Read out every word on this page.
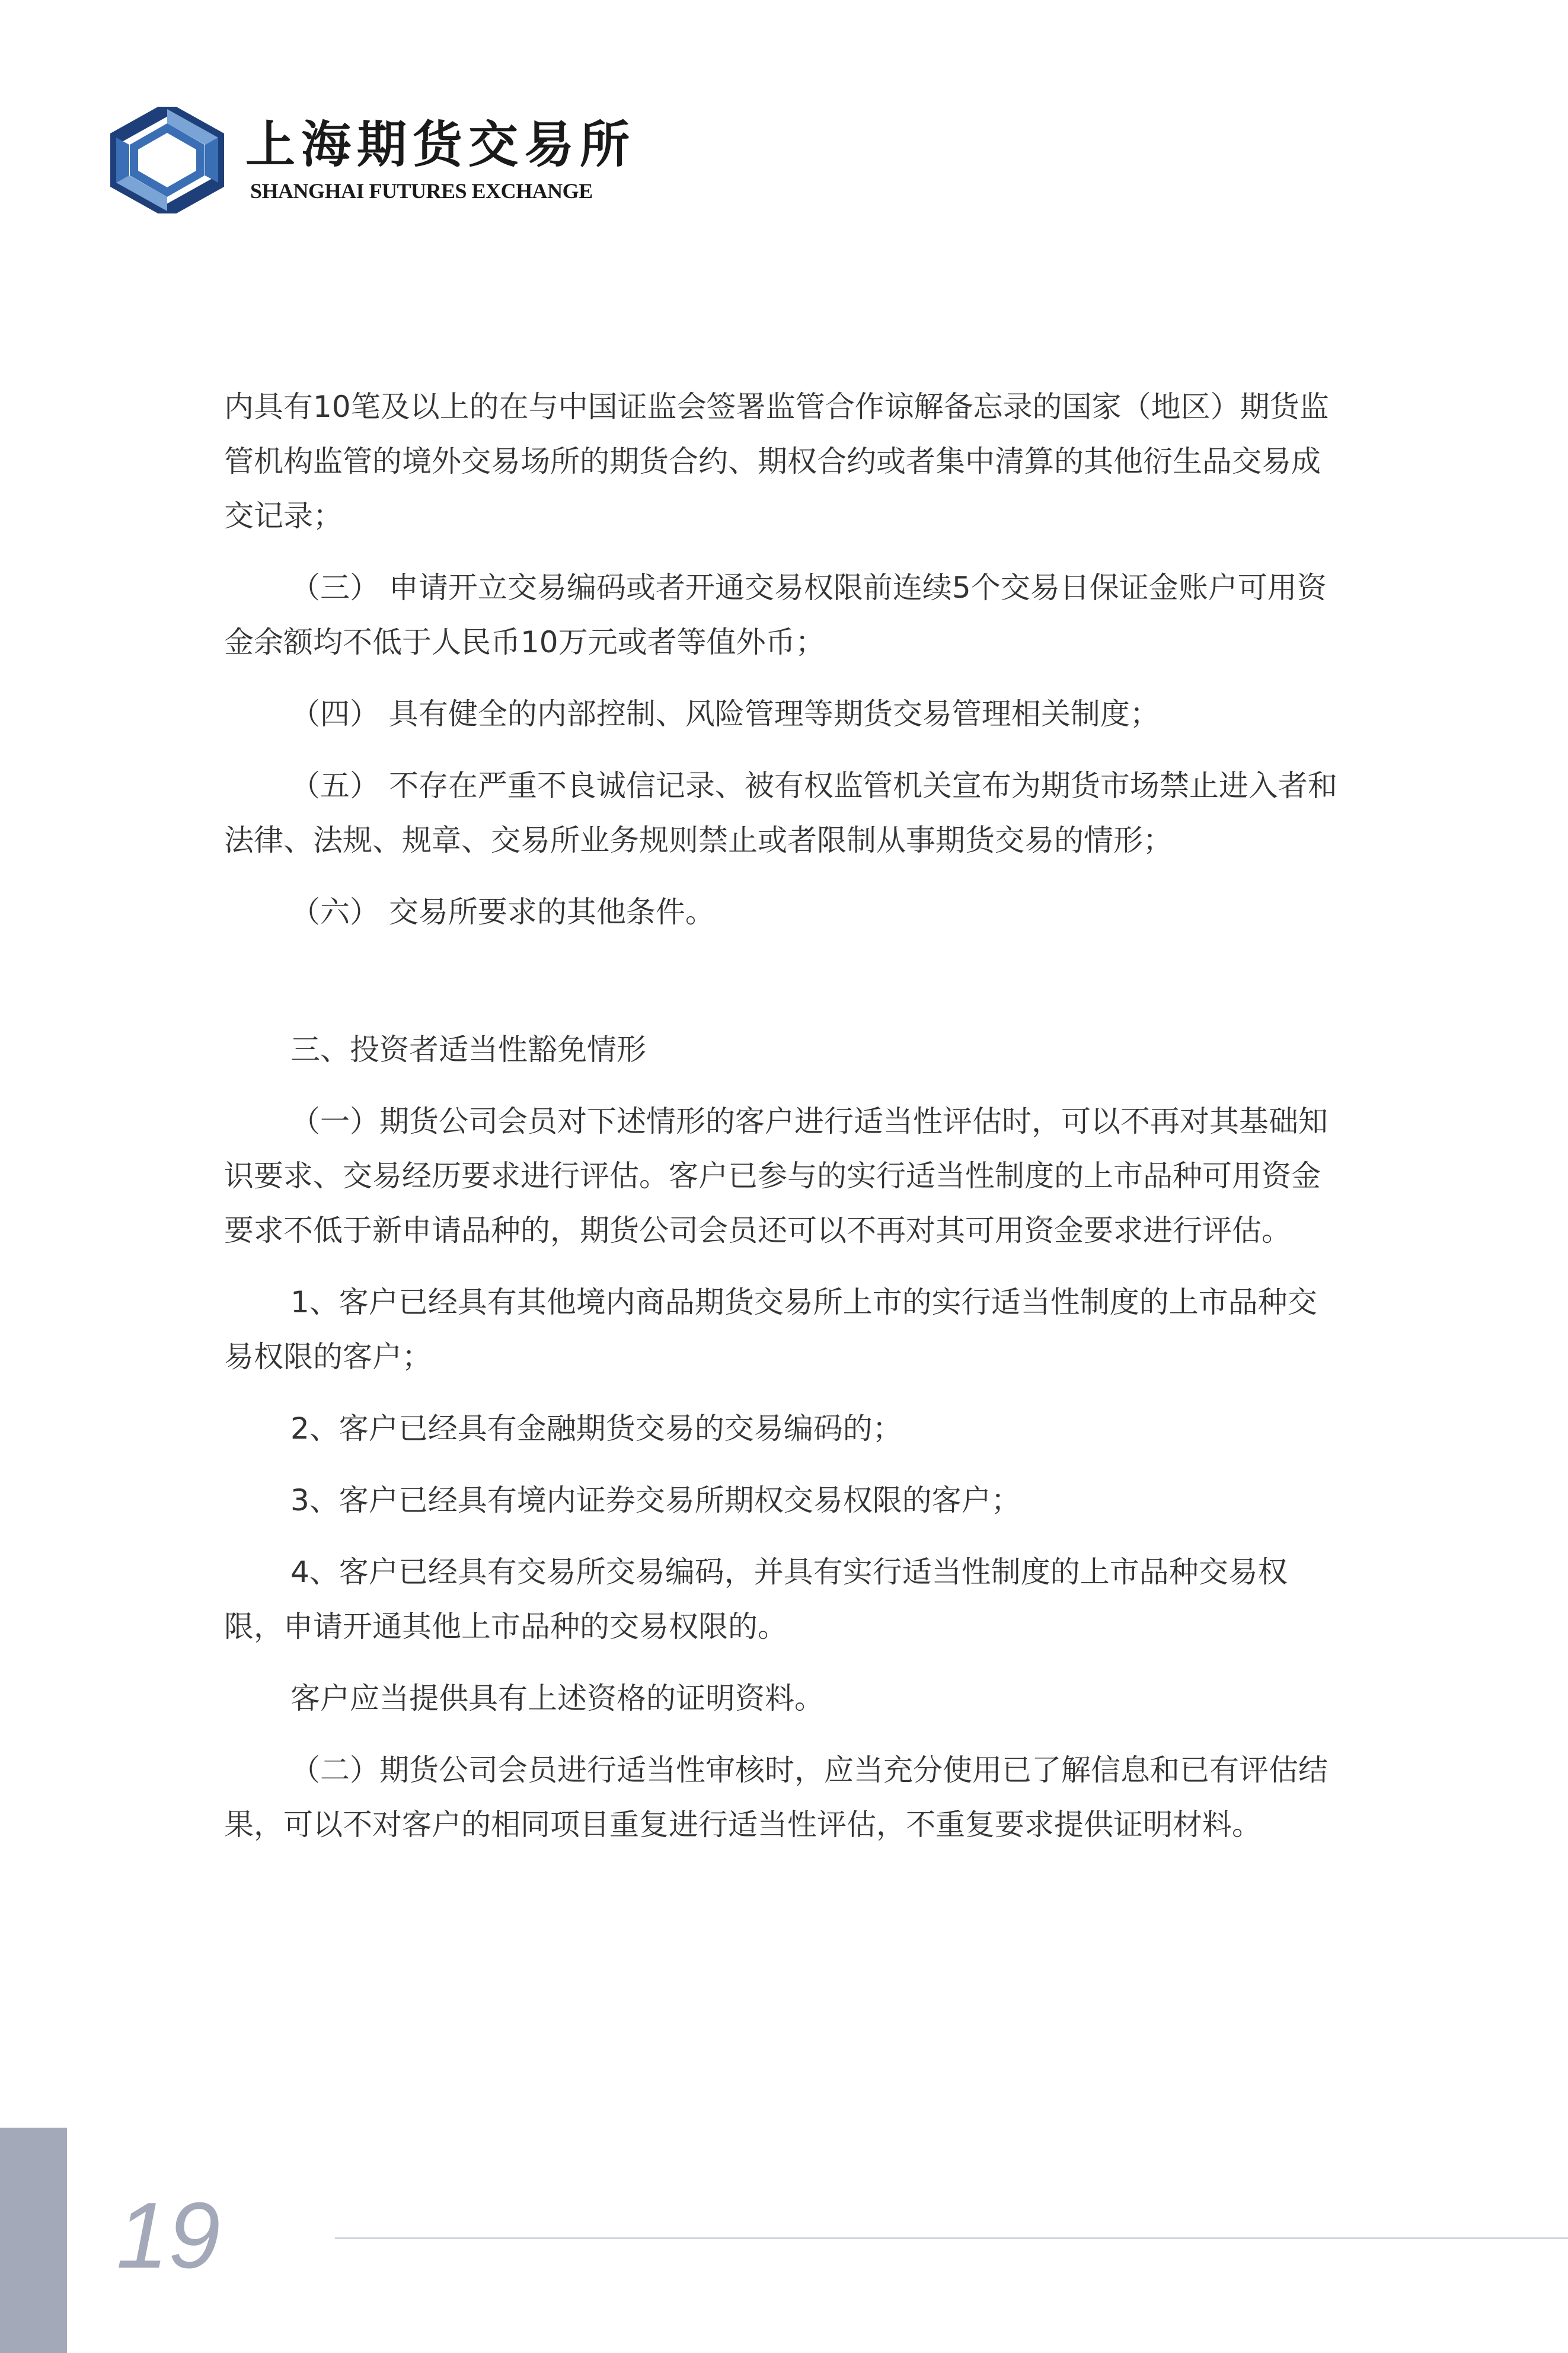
上海期货交易所
SHANGHAI FUTURES EXCHANGE

内具有10笔及以上的在与中国证监会签署监管合作谅解备忘录的国家（地区）期货监管机构监管的境外交易场所的期货合约、期权合约或者集中清算的其他衍生品交易成交记录；

（三） 申请开立交易编码或者开通交易权限前连续5个交易日保证金账户可用资金余额均不低于人民币10万元或者等值外币；

（四） 具有健全的内部控制、风险管理等期货交易管理相关制度；

（五） 不存在严重不良诚信记录、被有权监管机关宣布为期货市场禁止进入者和法律、法规、规章、交易所业务规则禁止或者限制从事期货交易的情形；

（六） 交易所要求的其他条件。

三、投资者适当性豁免情形

（一）期货公司会员对下述情形的客户进行适当性评估时，可以不再对其基础知识要求、交易经历要求进行评估。客户已参与的实行适当性制度的上市品种可用资金要求不低于新申请品种的，期货公司会员还可以不再对其可用资金要求进行评估。

1、客户已经具有其他境内商品期货交易所上市的实行适当性制度的上市品种交易权限的客户；

2、客户已经具有金融期货交易的交易编码的；

3、客户已经具有境内证券交易所期权交易权限的客户；

4、客户已经具有交易所交易编码，并具有实行适当性制度的上市品种交易权限，申请开通其他上市品种的交易权限的。

客户应当提供具有上述资格的证明资料。

（二）期货公司会员进行适当性审核时，应当充分使用已了解信息和已有评估结果，可以不对客户的相同项目重复进行适当性评估，不重复要求提供证明材料。

19
